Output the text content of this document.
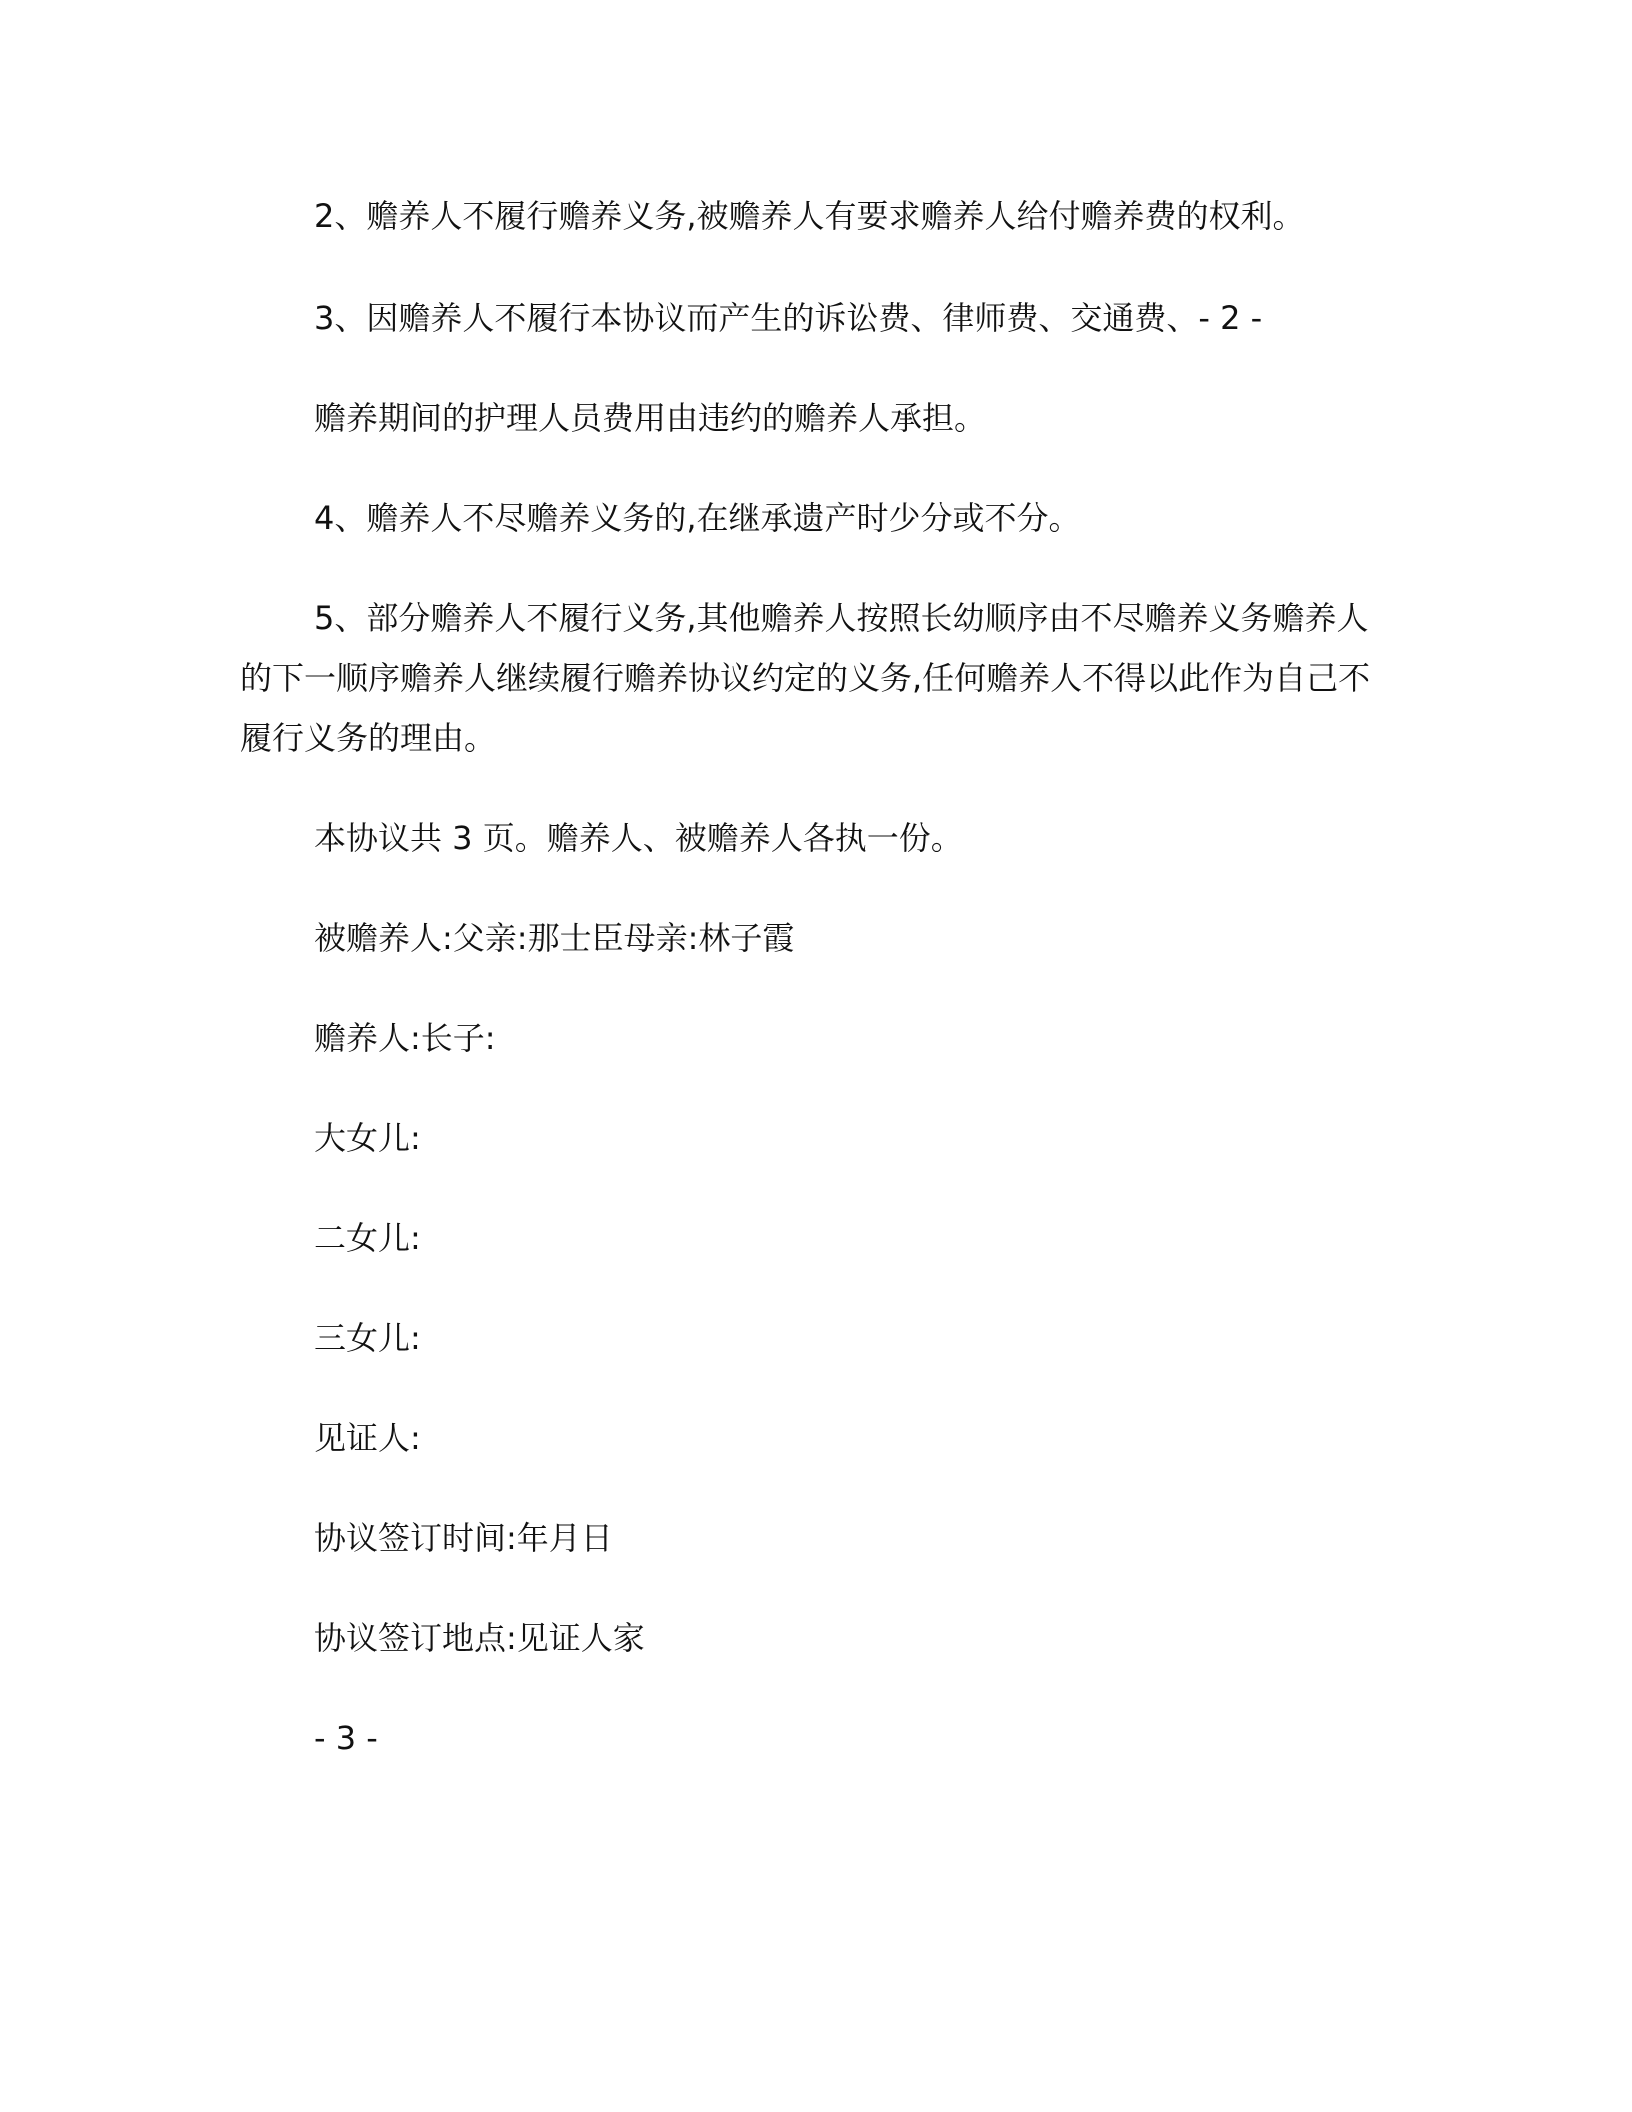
2、赡养人不履行赡养义务,被赡养人有要求赡养人给付赡养费的权利。
3、因赡养人不履行本协议而产生的诉讼费、律师费、交通费、- 2 -
赡养期间的护理人员费用由违约的赡养人承担。
4、赡养人不尽赡养义务的,在继承遗产时少分或不分。
5、部分赡养人不履行义务,其他赡养人按照长幼顺序由不尽赡养义务赡养人
的下一顺序赡养人继续履行赡养协议约定的义务,任何赡养人不得以此作为自己不
履行义务的理由。
本协议共 3 页。赡养人、被赡养人各执一份。
被赡养人:父亲:那士臣母亲:林子霞
赡养人:长子:
大女儿:
二女儿:
三女儿:
见证人:
协议签订时间:年月日
协议签订地点:见证人家
- 3 -
